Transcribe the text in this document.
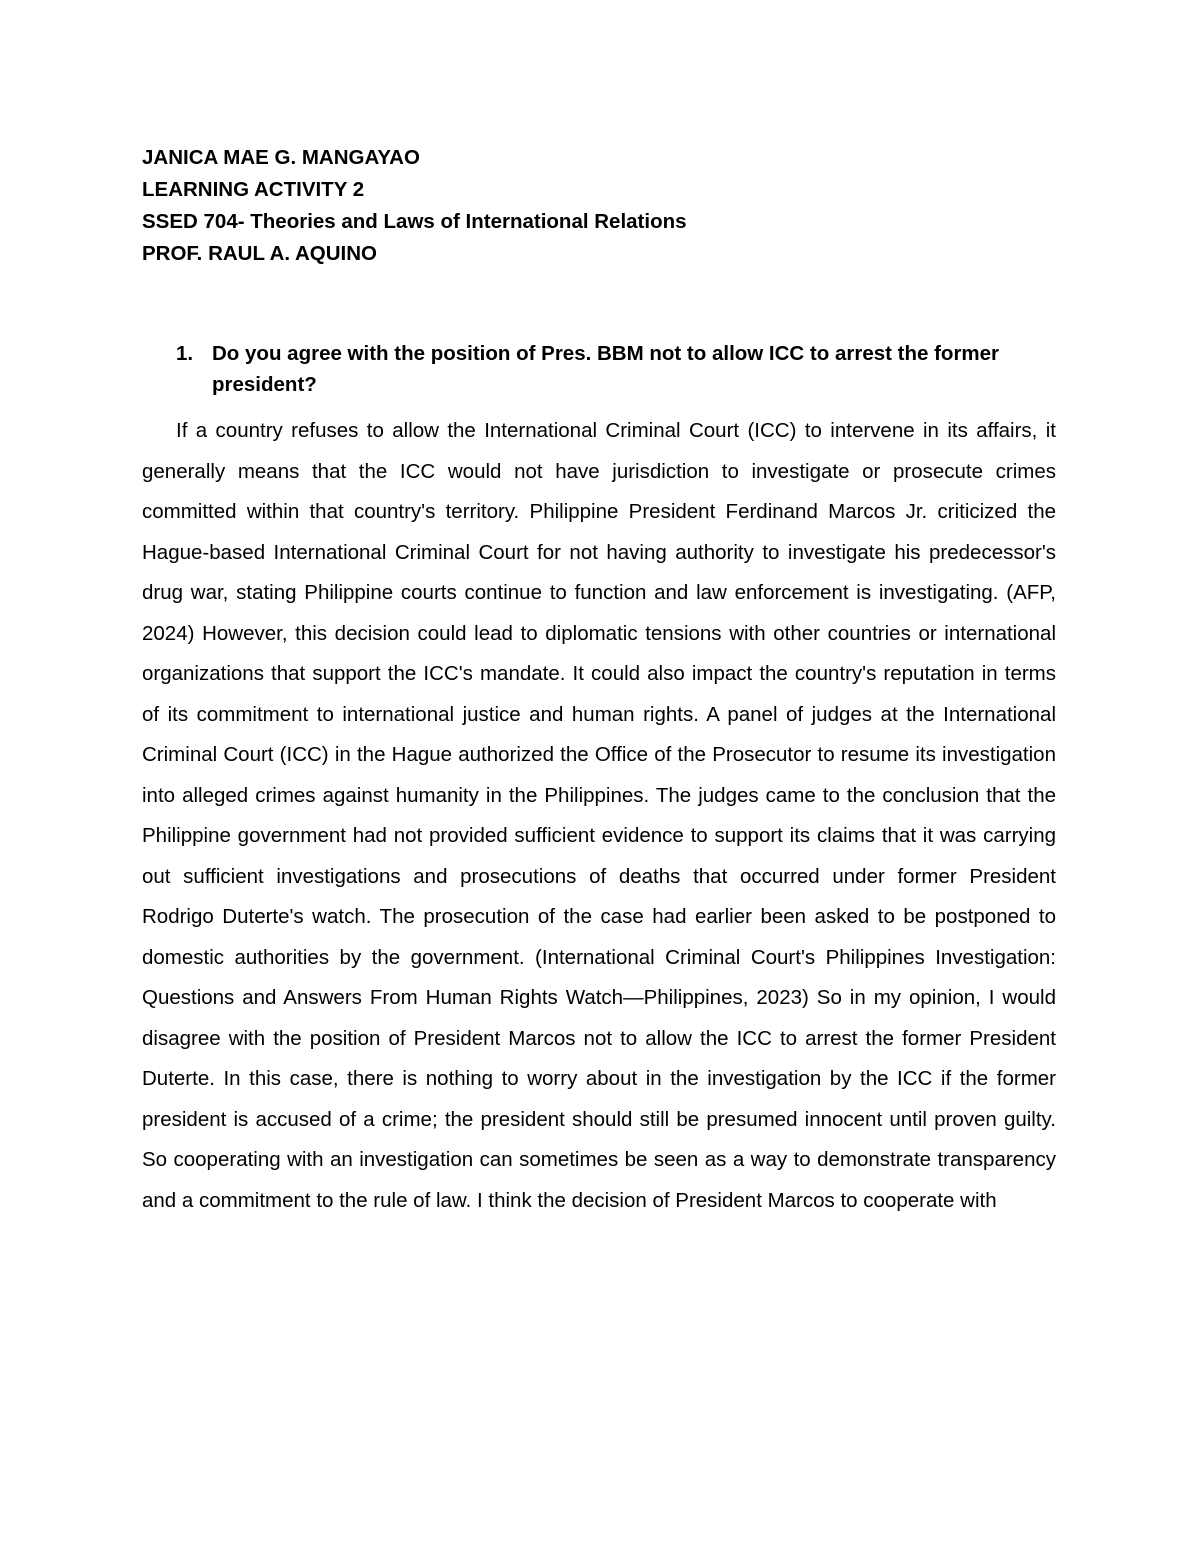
JANICA MAE G. MANGAYAO
LEARNING ACTIVITY 2
SSED 704- Theories and Laws of International Relations
PROF. RAUL A. AQUINO
1. Do you agree with the position of Pres. BBM not to allow ICC to arrest the former president?

If a country refuses to allow the International Criminal Court (ICC) to intervene in its affairs, it generally means that the ICC would not have jurisdiction to investigate or prosecute crimes committed within that country's territory. Philippine President Ferdinand Marcos Jr. criticized the Hague-based International Criminal Court for not having authority to investigate his predecessor's drug war, stating Philippine courts continue to function and law enforcement is investigating. (AFP, 2024) However, this decision could lead to diplomatic tensions with other countries or international organizations that support the ICC's mandate. It could also impact the country's reputation in terms of its commitment to international justice and human rights. A panel of judges at the International Criminal Court (ICC) in the Hague authorized the Office of the Prosecutor to resume its investigation into alleged crimes against humanity in the Philippines. The judges came to the conclusion that the Philippine government had not provided sufficient evidence to support its claims that it was carrying out sufficient investigations and prosecutions of deaths that occurred under former President Rodrigo Duterte's watch. The prosecution of the case had earlier been asked to be postponed to domestic authorities by the government. (International Criminal Court's Philippines Investigation: Questions and Answers From Human Rights Watch—Philippines, 2023) So in my opinion, I would disagree with the position of President Marcos not to allow the ICC to arrest the former President Duterte. In this case, there is nothing to worry about in the investigation by the ICC if the former president is accused of a crime; the president should still be presumed innocent until proven guilty. So cooperating with an investigation can sometimes be seen as a way to demonstrate transparency and a commitment to the rule of law. I think the decision of President Marcos to cooperate with
